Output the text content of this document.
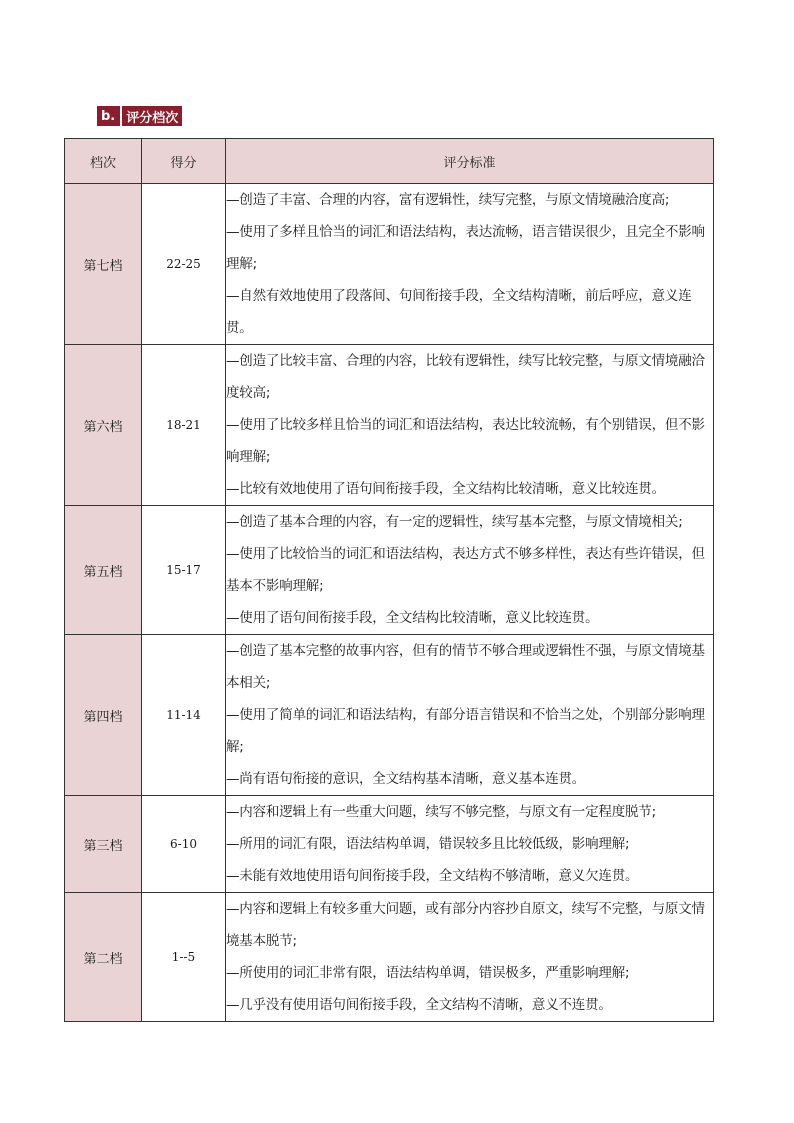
b. 评分档次
档次	得分	评分标准
第七档	22-25	—创造了丰富、合理的内容，富有逻辑性，续写完整，与原文情境融洽度高;
—使用了多样且恰当的词汇和语法结构，表达流畅，语言错误很少，且完全不影响理解;
—自然有效地使用了段落间、句间衔接手段，全文结构清晰，前后呼应，意义连贯。

第六档	18-21	—创造了比较丰富、合理的内容，比较有逻辑性，续写比较完整，与原文情境融洽度较高;
—使用了比较多样且恰当的词汇和语法结构，表达比较流畅，有个别错误，但不影响理解;
—比较有效地使用了语句间衔接手段，全文结构比较清晰，意义比较连贯。

第五档	15-17	—创造了基本合理的内容，有一定的逻辑性，续写基本完整，与原文情境相关;
—使用了比较恰当的词汇和语法结构，表达方式不够多样性，表达有些许错误，但基本不影响理解;
—使用了语句间衔接手段，全文结构比较清晰，意义比较连贯。

第四档	11-14	—创造了基本完整的故事内容，但有的情节不够合理或逻辑性不强，与原文情境基本相关;
—使用了简单的词汇和语法结构，有部分语言错误和不恰当之处，个别部分影响理解;
—尚有语句衔接的意识，全文结构基本清晰，意义基本连贯。

第三档	6-10	—内容和逻辑上有一些重大问题，续写不够完整，与原文有一定程度脱节;
—所用的词汇有限，语法结构单调，错误较多且比较低级，影响理解;
—未能有效地使用语句间衔接手段，全文结构不够清晰，意义欠连贯。

第二档	1--5	—内容和逻辑上有较多重大问题，或有部分内容抄自原文，续写不完整，与原文情境基本脱节;
—所使用的词汇非常有限，语法结构单调，错误极多，严重影响理解;
—几乎没有使用语句间衔接手段，全文结构不清晰，意义不连贯。
